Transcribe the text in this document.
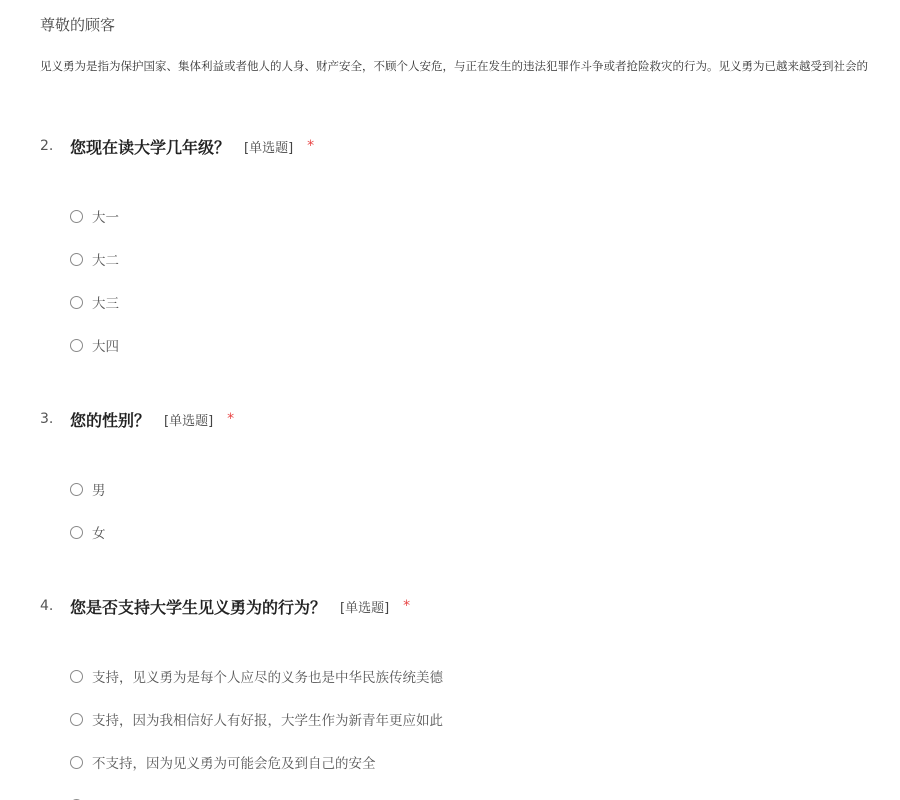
尊敬的顾客
见义勇为是指为保护国家、集体利益或者他人的人身、财产安全，不顾个人安危，与正在发生的违法犯罪作斗争或者抢险救灾的行为。见义勇为已越来越受到社会的
2.	您现在读大学几年级？ [单选题] *
大一
大二
大三
大四
3.	您的性别？ [单选题] *
男
女
4.	您是否支持大学生见义勇为的行为？ [单选题] *
支持，见义勇为是每个人应尽的义务也是中华民族传统美德
支持，因为我相信好人有好报，大学生作为新青年更应如此
不支持，因为见义勇为可能会危及到自己的安全
